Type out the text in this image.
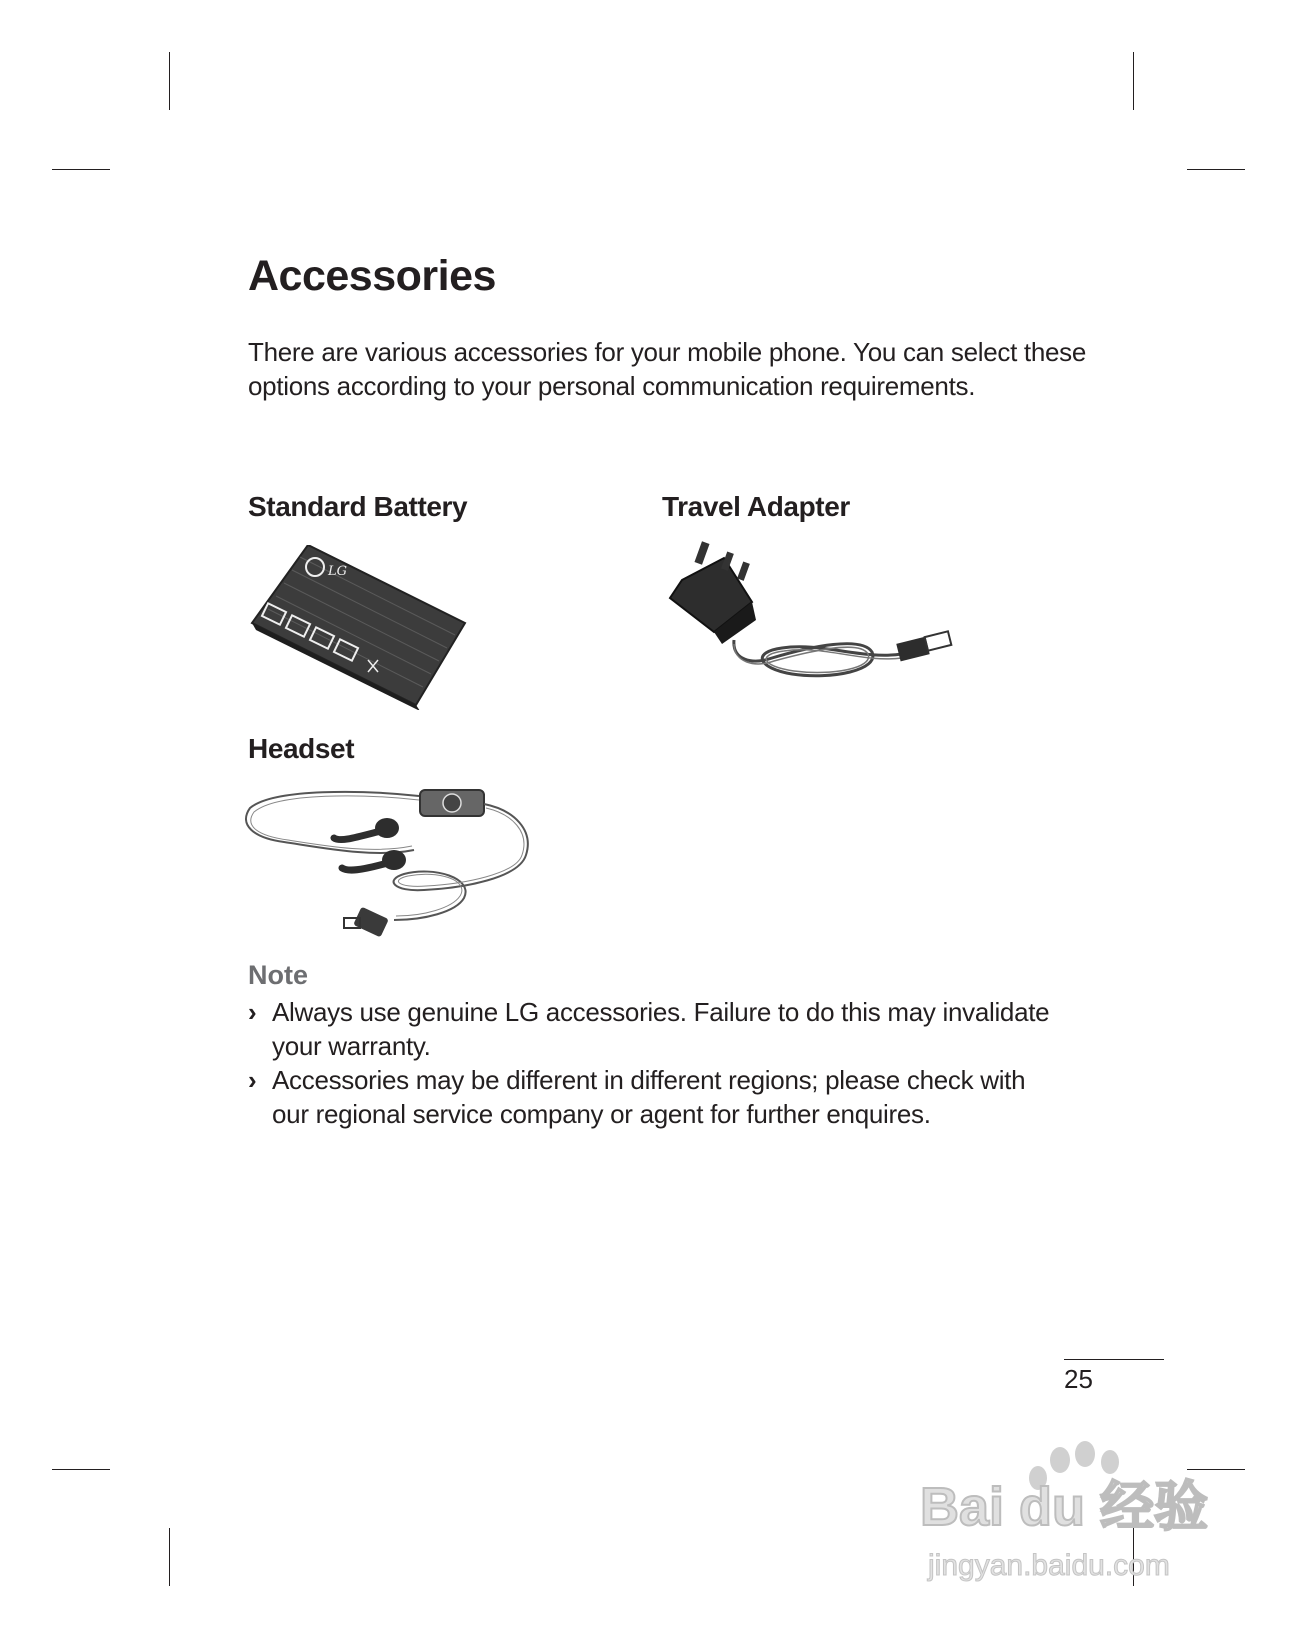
Accessories
There are various accessories for your mobile phone. You can select these
options according to your personal communication requirements.
Standard Battery
LG
Travel Adapter
Headset
Note
› Always use genuine LG accessories. Failure to do this may invalidate
your warranty.
› Accessories may be different in different regions; please check with
our regional service company or agent for further enquires.
25
Bai du 经验
jingyan.baidu.com
